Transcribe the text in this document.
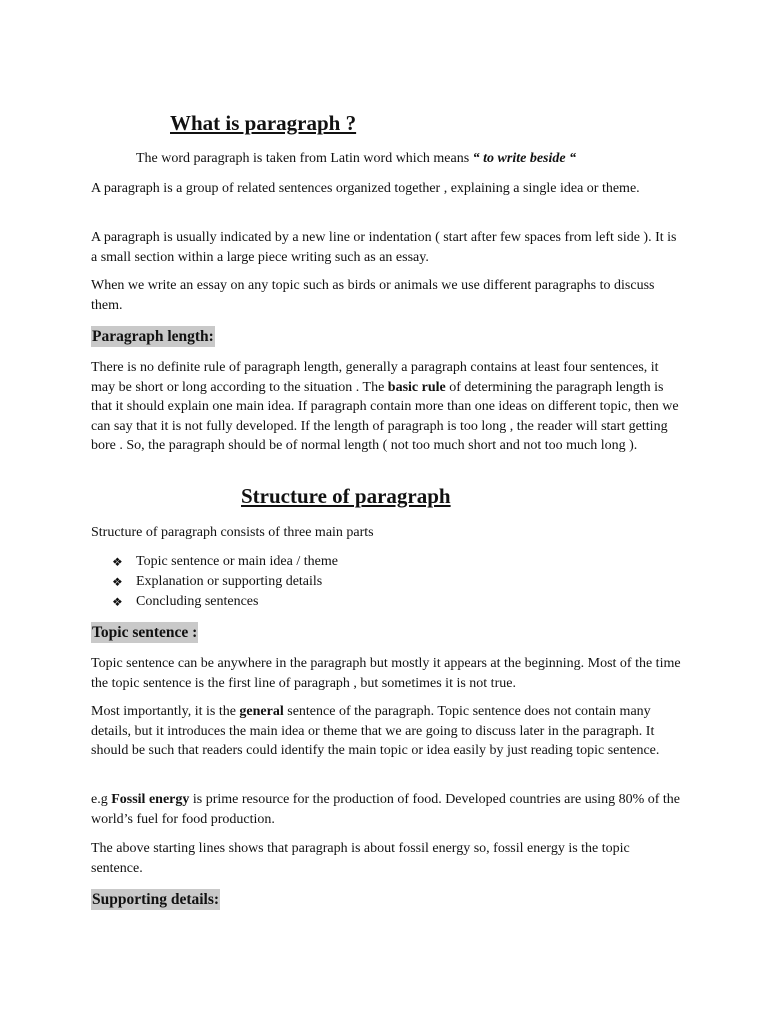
What is paragraph ?

The word paragraph is taken from Latin word which means “ to write beside “

A paragraph is a group of related sentences organized together , explaining a single idea or theme.

A paragraph is usually indicated by a new line or indentation ( start after few spaces from left side ). It is a small section within a large piece writing such as an essay.

When we write an essay on any topic such as birds or animals we use different paragraphs to discuss them.

Paragraph length:

There is no definite rule of paragraph length, generally a paragraph contains at least four sentences, it may be short or long according to the situation . The basic rule of determining the paragraph length is that it should explain one main idea. If paragraph contain more than one ideas on different topic, then we can say that it is not fully developed. If the length of paragraph is too long , the reader will start getting bore . So, the paragraph should be of normal length ( not too much short and not too much long ).

Structure of paragraph

Structure of paragraph consists of three main parts

❖ Topic sentence or main idea / theme
❖ Explanation or supporting details
❖ Concluding sentences
Topic sentence :

Topic sentence can be anywhere in the paragraph but mostly it appears at the beginning. Most of the time the topic sentence is the first line of paragraph , but sometimes it is not true.

Most importantly, it is the general sentence of the paragraph. Topic sentence does not contain many details, but it introduces the main idea or theme that we are going to discuss later in the paragraph. It should be such that readers could identify the main topic or idea easily by just reading topic sentence.

e.g Fossil energy is prime resource for the production of food. Developed countries are using 80% of the world’s fuel for food production.

The above starting lines shows that paragraph is about fossil energy so, fossil energy is the topic sentence.

Supporting details:
